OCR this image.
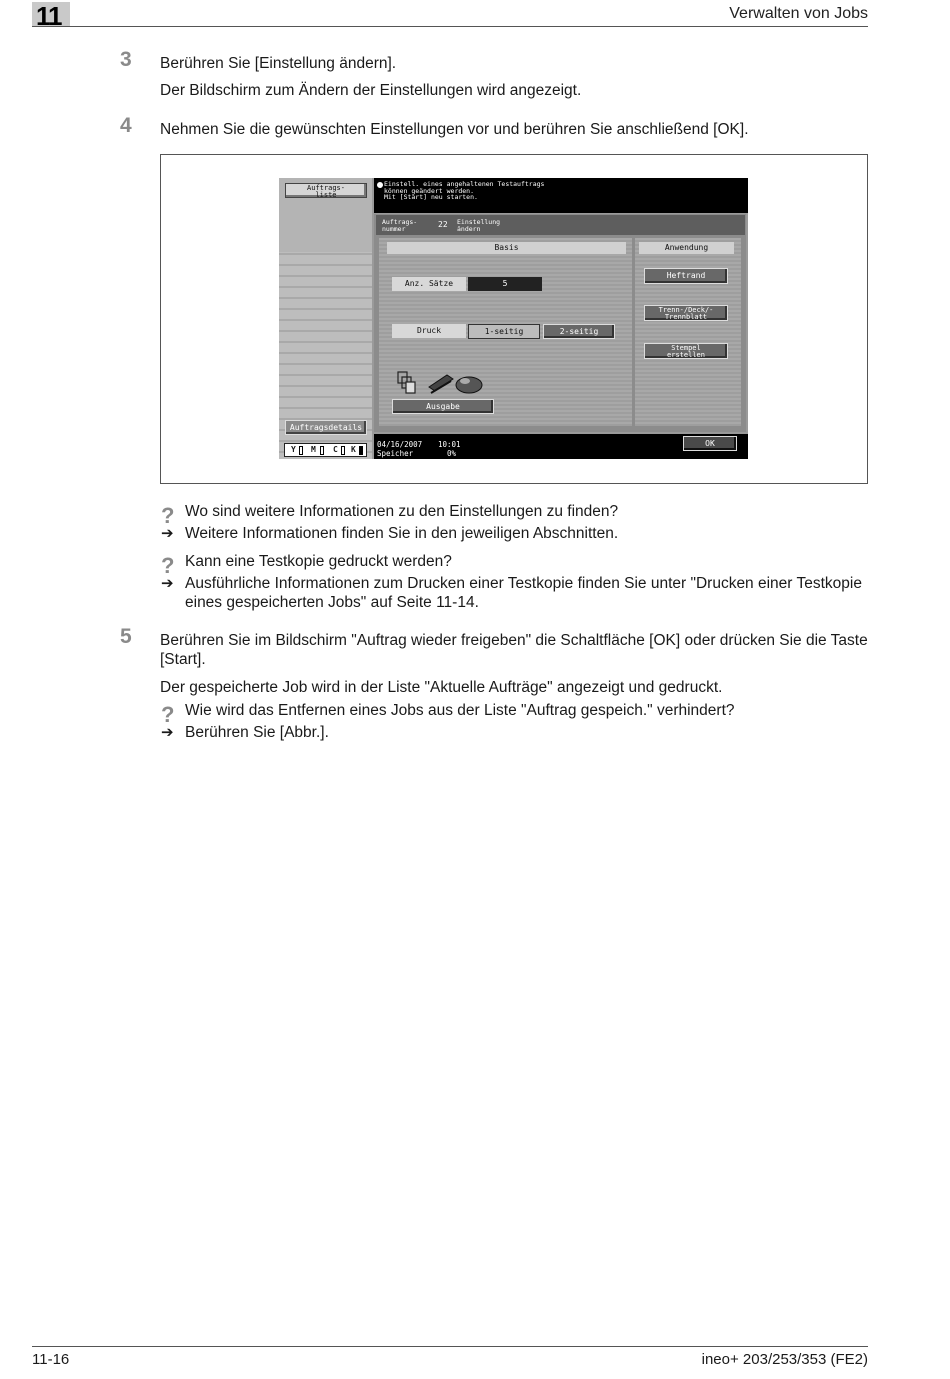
11	Verwalten von Jobs
3 Berühren Sie [Einstellung ändern].
Der Bildschirm zum Ändern der Einstellungen wird angezeigt.
4 Nehmen Sie die gewünschten Einstellungen vor und berühren Sie anschließend [OK].
Auftrags-
liste
Einstell. eines angehaltenen Testauftrags
können geändert werden.
Mit [Start] neu starten.
Auftrags-
nummer	22 Einstellung
ändern
Basis	Anwendung
Anz. Sätze	5
Druck	1-seitig	2-seitig
Ausgabe
Heftrand
Trenn-/Deck/-
Trennblatt
Stempel
erstellen
Auftragsdetails
Y M C K
04/16/2007 10:01
Speicher	0%
OK
? Wo sind weitere Informationen zu den Einstellungen zu finden?
➔ Weitere Informationen finden Sie in den jeweiligen Abschnitten.
? Kann eine Testkopie gedruckt werden?
➔ Ausführliche Informationen zum Drucken einer Testkopie finden Sie unter "Drucken einer Testkopie
eines gespeicherten Jobs" auf Seite 11-14.
5 Berühren Sie im Bildschirm "Auftrag wieder freigeben" die Schaltfläche [OK] oder drücken Sie die Taste
[Start].
Der gespeicherte Job wird in der Liste "Aktuelle Aufträge" angezeigt und gedruckt.
? Wie wird das Entfernen eines Jobs aus der Liste "Auftrag gespeich." verhindert?
➔ Berühren Sie [Abbr.].
11-16	ineo+ 203/253/353 (FE2)
